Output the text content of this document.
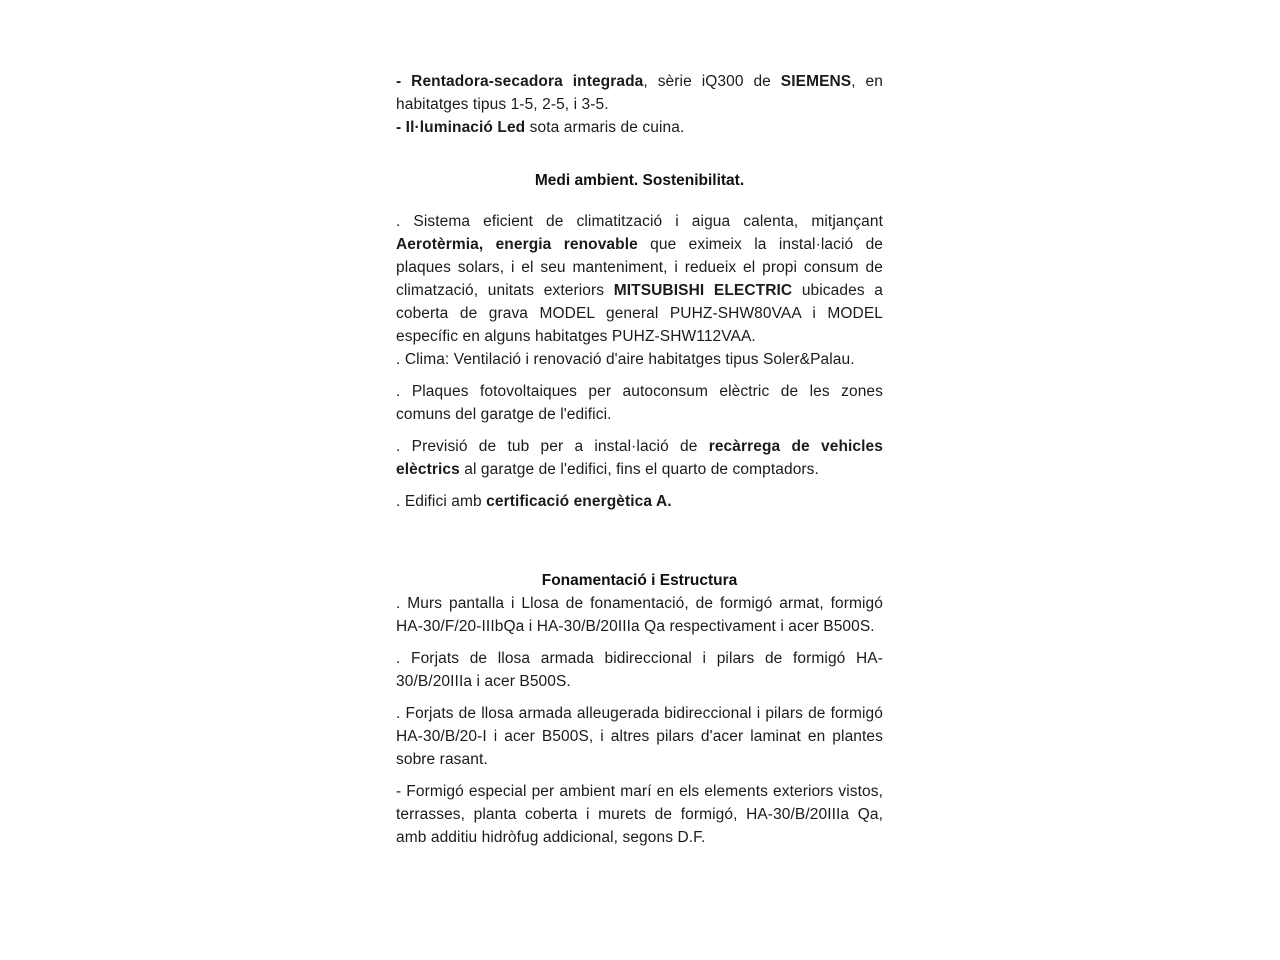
- Rentadora-secadora integrada, sèrie iQ300 de SIEMENS, en habitatges tipus 1-5, 2-5, i 3-5.

- Il·luminació Led sota armaris de cuina.

Medi ambient. Sostenibilitat.

. Sistema eficient de climatització i aigua calenta, mitjançant Aerotèrmia, energia renovable que eximeix la instal·lació de plaques solars, i el seu manteniment, i redueix el propi consum de climatzació, unitats exteriors MITSUBISHI ELECTRIC ubicades a coberta de grava MODEL general PUHZ-SHW80VAA i MODEL específic en alguns habitatges PUHZ-SHW112VAA.

. Clima: Ventilació i renovació d'aire habitatges tipus Soler&Palau.

. Plaques fotovoltaiques per autoconsum elèctric de les zones comuns del garatge de l'edifici.

. Previsió de tub per a instal·lació de recàrrega de vehicles elèctrics al garatge de l'edifici, fins el quarto de comptadors.

. Edifici amb certificació energètica A.

Fonamentació i Estructura

. Murs pantalla i Llosa de fonamentació, de formigó armat, formigó HA-30/F/20-IIIbQa i HA-30/B/20IIIa Qa respectivament i acer B500S.

. Forjats de llosa armada bidireccional i pilars de formigó HA-30/B/20IIIa i acer B500S.

. Forjats de llosa armada alleugerada bidireccional i pilars de formigó HA-30/B/20-I i acer B500S, i altres pilars d'acer laminat en plantes sobre rasant.

- Formigó especial per ambient marí en els elements exteriors vistos, terrasses, planta coberta i murets de formigó, HA-30/B/20IIIa Qa, amb additiu hidròfug addicional, segons D.F.
